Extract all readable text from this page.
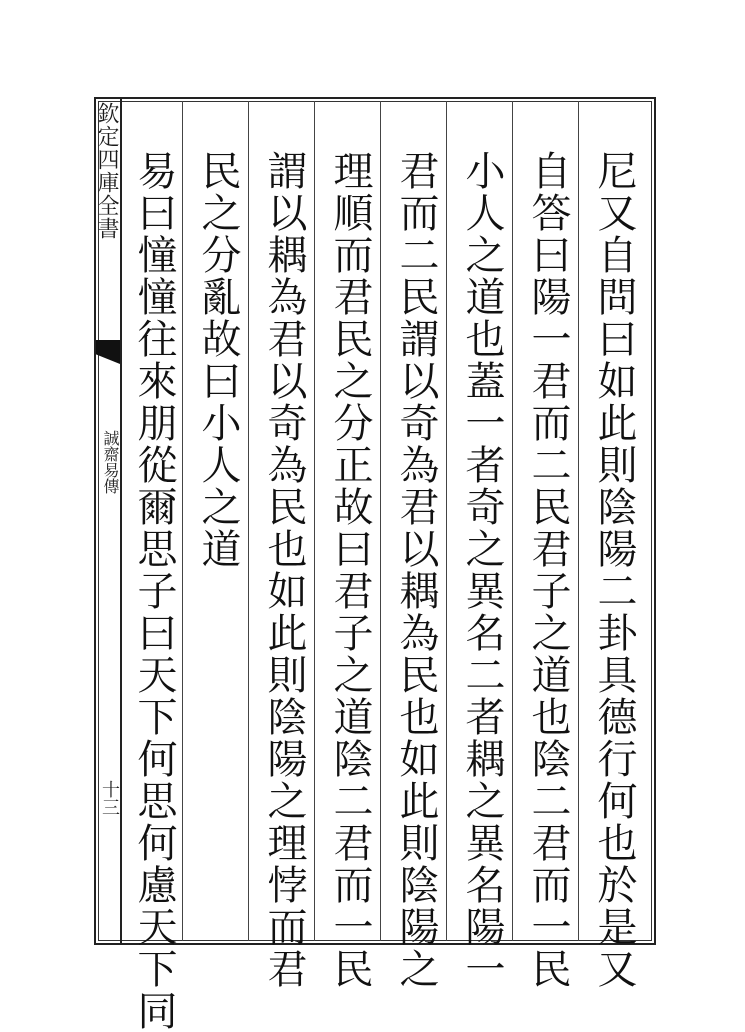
欽定四庫全書
誠齋易傳
十三	尼又自問曰如此則陰陽二卦具德行何也於是又
自答曰陽一君而二民君子之道也陰二君而一民
小人之道也蓋一者奇之異名二者耦之異名陽一
君而二民謂以奇為君以耦為民也如此則陰陽之
理順而君民之分正故曰君子之道陰二君而一民
謂以耦為君以奇為民也如此則陰陽之理悖而君
民之分亂故曰小人之道
易曰憧憧往來朋從爾思子曰天下何思何慮天下同
